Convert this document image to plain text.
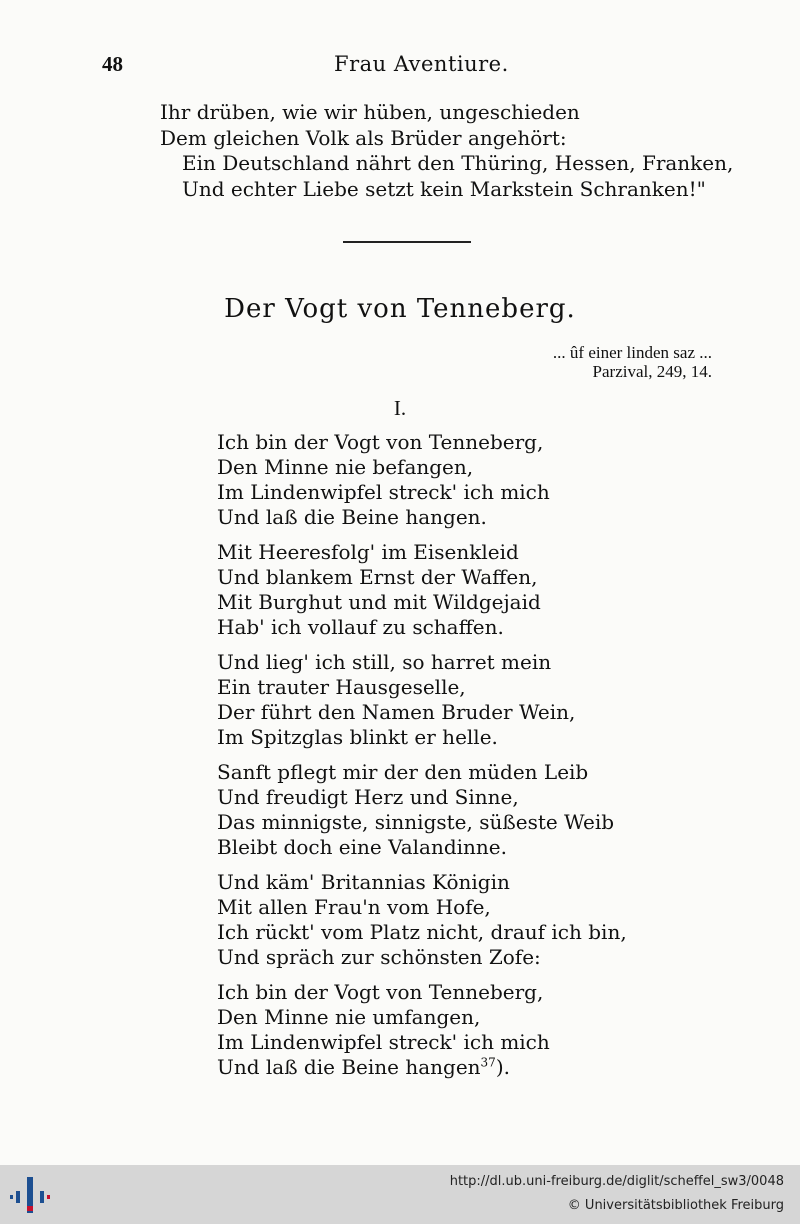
48	Frau Aventiure.
Ihr drüben, wie wir hüben, ungeschieden
Dem gleichen Volk als Brüder angehört:
Ein Deutschland nährt den Thüring, Hessen, Franken,
Und echter Liebe setzt kein Markstein Schranken!"
Der Vogt von Tenneberg.
... ûf einer linden saz ...
Parzival, 249, 14.
I.
Ich bin der Vogt von Tenneberg,
Den Minne nie befangen,
Im Lindenwipfel streck' ich mich
Und laß die Beine hangen.
Mit Heeresfolg' im Eisenkleid
Und blankem Ernst der Waffen,
Mit Burghut und mit Wildgejaid
Hab' ich vollauf zu schaffen.
Und lieg' ich still, so harret mein
Ein trauter Hausgeselle,
Der führt den Namen Bruder Wein,
Im Spitzglas blinkt er helle.
Sanft pflegt mir der den müden Leib
Und freudigt Herz und Sinne,
Das minnigste, sinnigste, süßeste Weib
Bleibt doch eine Valandinne.
Und käm' Britannias Königin
Mit allen Frau'n vom Hofe,
Ich rückt' vom Platz nicht, drauf ich bin,
Und spräch zur schönsten Zofe:
Ich bin der Vogt von Tenneberg,
Den Minne nie umfangen,
Im Lindenwipfel streck' ich mich
Und laß die Beine hangen$^{37}$).
http://dl.ub.uni-freiburg.de/diglit/scheffel_sw3/0048
© Universitätsbibliothek Freiburg
